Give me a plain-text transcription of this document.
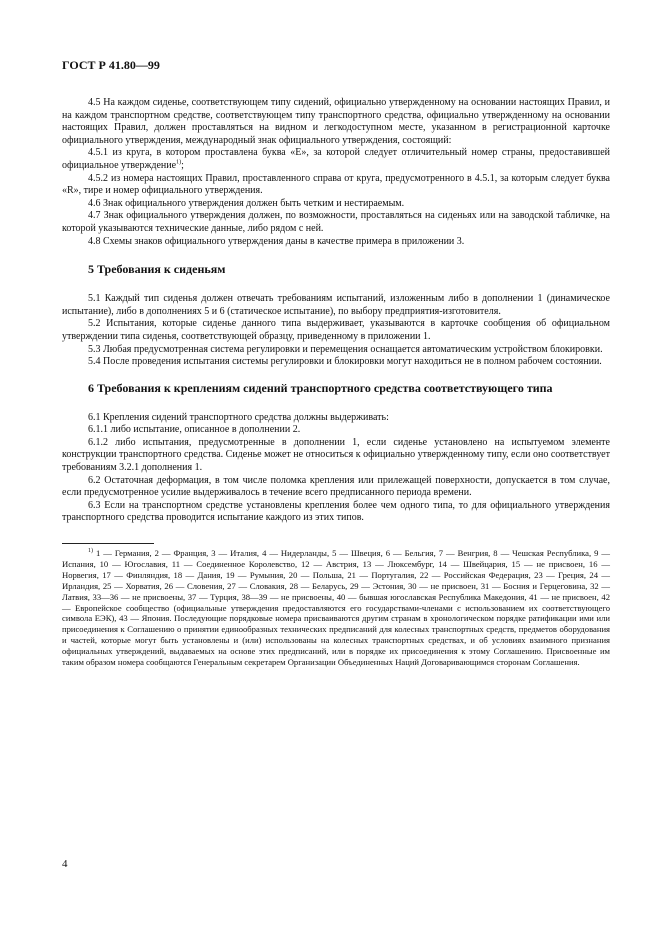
ГОСТ Р 41.80—99

4.5 На каждом сиденье, соответствующем типу сидений, официально утвержденному на основании настоящих Правил, и на каждом транспортном средстве, соответствующем типу транспортного средства, официально утвержденному на основании настоящих Правил, должен проставляться на видном и легкодоступном месте, указанном в регистрационной карточке официального утверждения, международный знак официального утверждения, состоящий:

4.5.1 из круга, в котором проставлена буква «E», за которой следует отличительный номер страны, предоставившей официальное утверждение$^{1)}$;

4.5.2 из номера настоящих Правил, проставленного справа от круга, предусмотренного в 4.5.1, за которым следует буква «R», тире и номер официального утверждения.

4.6 Знак официального утверждения должен быть четким и нестираемым.

4.7 Знак официального утверждения должен, по возможности, проставляться на сиденьях или на заводской табличке, на которой указываются технические данные, либо рядом с ней.

4.8 Схемы знаков официального утверждения даны в качестве примера в приложении 3.

5 Требования к сиденьям

5.1 Каждый тип сиденья должен отвечать требованиям испытаний, изложенным либо в дополнении 1 (динамическое испытание), либо в дополнениях 5 и 6 (статическое испытание), по выбору предприятия-изготовителя.

5.2 Испытания, которые сиденье данного типа выдерживает, указываются в карточке сообщения об официальном утверждении типа сиденья, соответствующей образцу, приведенному в приложении 1.

5.3 Любая предусмотренная система регулировки и перемещения оснащается автоматическим устройством блокировки.

5.4 После проведения испытания системы регулировки и блокировки могут находиться не в полном рабочем состоянии.

6 Требования к креплениям сидений транспортного средства соответствующего типа

6.1 Крепления сидений транспортного средства должны выдерживать:

6.1.1 либо испытание, описанное в дополнении 2.

6.1.2 либо испытания, предусмотренные в дополнении 1, если сиденье установлено на испытуемом элементе конструкции транспортного средства. Сиденье может не относиться к официально утвержденному типу, если оно соответствует требованиям 3.2.1 дополнения 1.

6.2 Остаточная деформация, в том числе поломка крепления или прилежащей поверхности, допускается в том случае, если предусмотренное усилие выдерживалось в течение всего предписанного периода времени.

6.3 Если на транспортном средстве установлены крепления более чем одного типа, то для официального утверждения транспортного средства проводится испытание каждого из этих типов.

$^{1)}$ 1 — Германия, 2 — Франция, 3 — Италия, 4 — Нидерланды, 5 — Швеция, 6 — Бельгия, 7 — Венгрия, 8 — Чешская Республика, 9 — Испания, 10 — Югославия, 11 — Соединенное Королевство, 12 — Австрия, 13 — Люксембург, 14 — Швейцария, 15 — не присвоен, 16 — Норвегия, 17 — Финляндия, 18 — Дания, 19 — Румыния, 20 — Польша, 21 — Португалия, 22 — Российская Федерация, 23 — Греция, 24 — Ирландия, 25 — Хорватия, 26 — Словения, 27 — Словакия, 28 — Беларусь, 29 — Эстония, 30 — не присвоен, 31 — Босния и Герцеговина, 32 — Латвия, 33—36 — не присвоены, 37 — Турция, 38—39 — не присвоены, 40 — бывшая югославская Республика Македония, 41 — не присвоен, 42 — Европейское сообщество (официальные утверждения предоставляются его государствами-членами с использованием их соответствующего символа ЕЭК), 43 — Япония. Последующие порядковые номера присваиваются другим странам в хронологическом порядке ратификации ими или присоединения к Соглашению о принятии единообразных технических предписаний для колесных транспортных средств, предметов оборудования и частей, которые могут быть установлены и (или) использованы на колесных транспортных средствах, и об условиях взаимного признания официальных утверждений, выдаваемых на основе этих предписаний, или в порядке их присоединения к этому Соглашению. Присвоенные им таким образом номера сообщаются Генеральным секретарем Организации Объединенных Наций Договаривающимся сторонам Соглашения.

4
